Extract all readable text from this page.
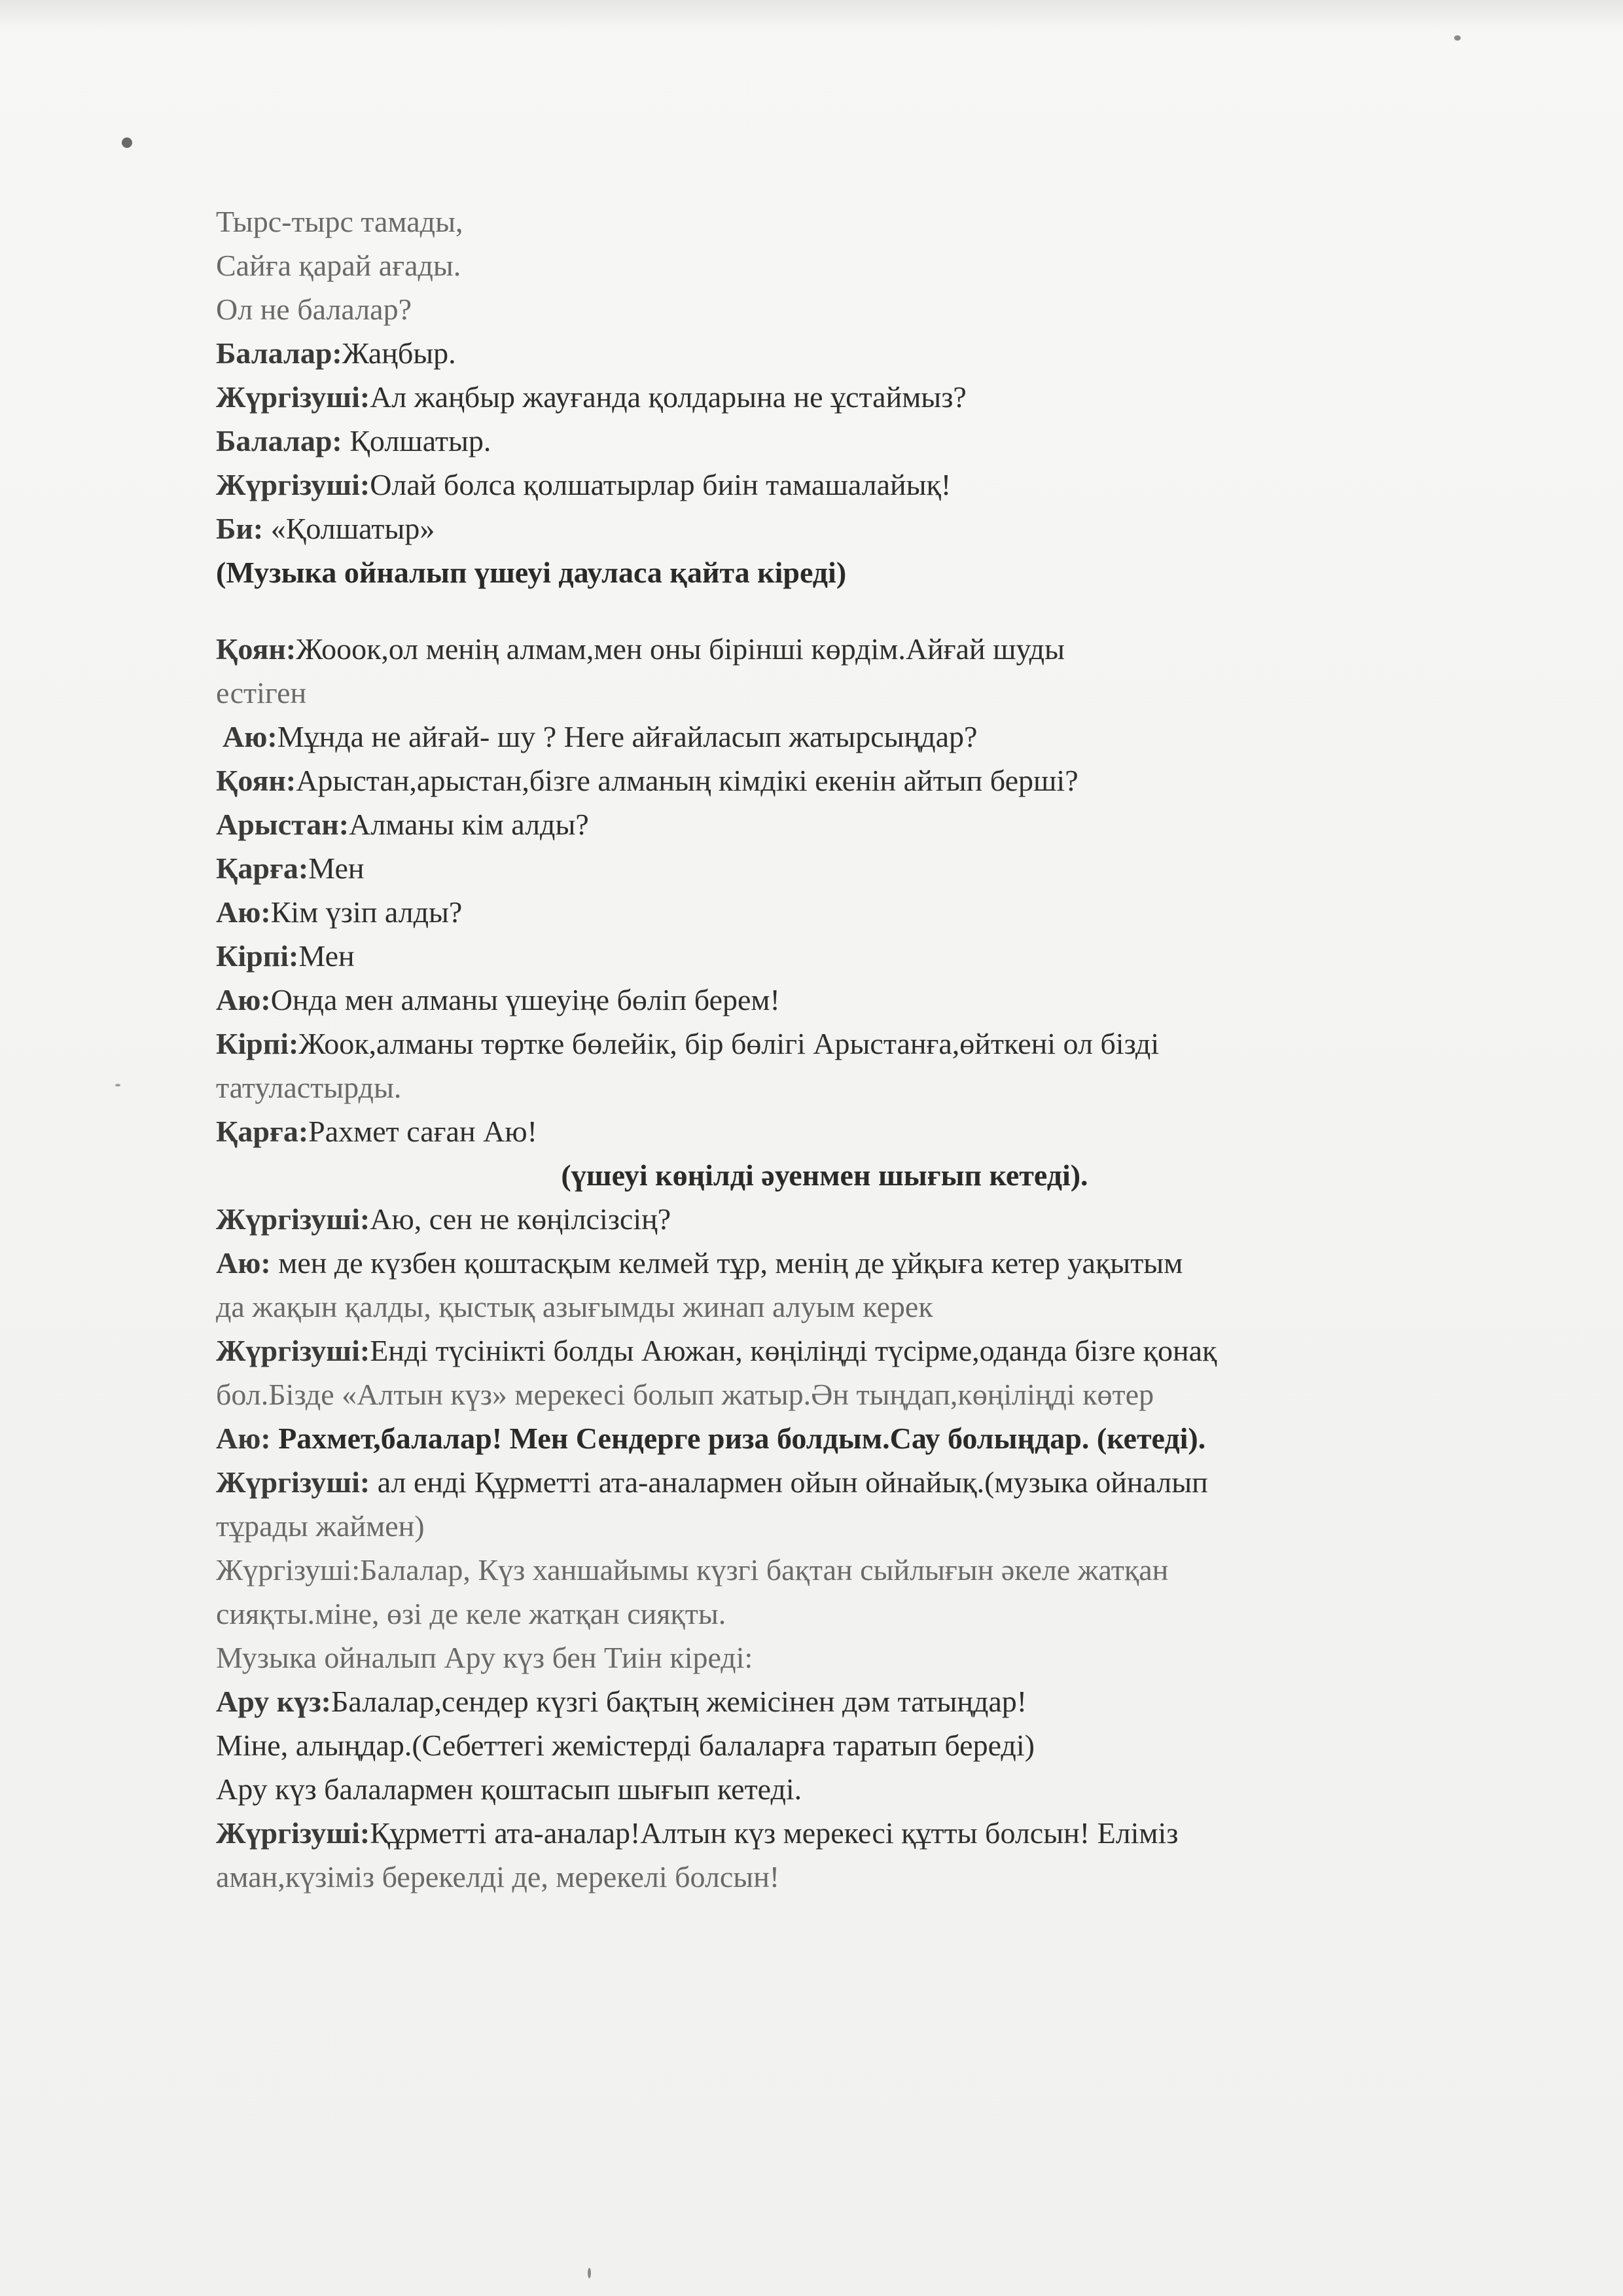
Тырс-тырс тамады,
Сайға қарай ағады.
Ол не балалар?
Балалар:Жаңбыр.
Жүргізуші:Ал жаңбыр жауғанда қолдарына не ұстаймыз?
Балалар: Қолшатыр.
Жүргізуші:Олай болса қолшатырлар биін тамашалайық!
Би: «Қолшатыр»
(Музыка ойналып үшеуі дауласа қайта кіреді)
Қоян:Жооок,ол менің алмам,мен оны бірінші көрдім.Айғай шуды
естіген
Аю:Мұнда не айғай- шу ? Неге айғайласып жатырсыңдар?
Қоян:Арыстан,арыстан,бізге алманың кімдікі екенін айтып берші?
Арыстан:Алманы кім алды?
Қарға:Мен
Аю:Кім үзіп алды?
Кірпі:Мен
Аю:Онда мен алманы үшеуіңе бөліп берем!
Кірпі:Жоок,алманы төртке бөлейік, бір бөлігі Арыстанға,өйткені ол бізді
татуластырды.
Қарға:Рахмет саған Аю!
(үшеуі көңілді әуенмен шығып кетеді).
Жүргізуші:Аю, сен не көңілсізсің?
Аю: мен де күзбен қоштасқым келмей тұр, менің де ұйқыға кетер уақытым
да жақын қалды, қыстық азығымды жинап алуым керек
Жүргізуші:Енді түсінікті болды Аюжан, көңіліңді түсірме,оданда бізге қонақ
бол.Бізде «Алтын күз» мерекесі болып жатыр.Ән тыңдап,көңіліңді көтер
Аю: Рахмет,балалар! Мен Сендерге риза болдым.Сау болыңдар. (кетеді).
Жүргізуші: ал енді Құрметті ата-аналармен ойын ойнайық.(музыка ойналып
тұрады жаймен)
Жүргізуші:Балалар, Күз ханшайымы күзгі бақтан сыйлығын әкеле жатқан
сияқты.міне, өзі де келе жатқан сияқты.
Музыка ойналып Ару күз бен Тиін кіреді:
Ару күз:Балалар,сендер күзгі бақтың жемісінен дәм татыңдар!
Міне, алыңдар.(Себеттегі жемістерді балаларға таратып береді)
Ару күз балалармен қоштасып шығып кетеді.
Жүргізуші:Құрметті ата-аналар!Алтын күз мерекесі құтты болсын! Еліміз
аман,күзіміз берекелді де, мерекелі болсын!
